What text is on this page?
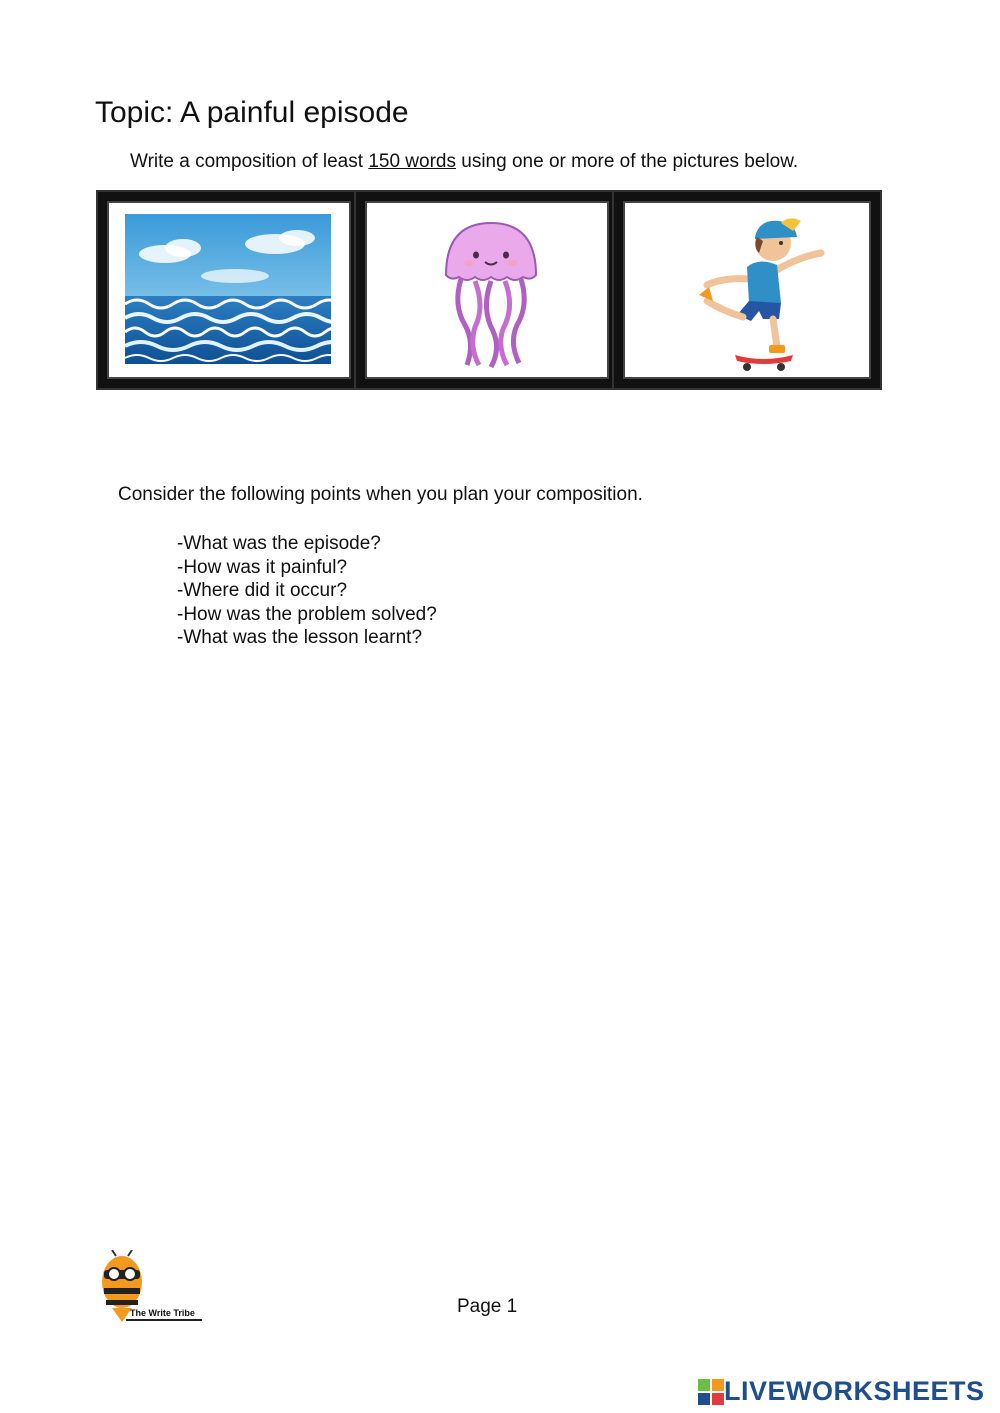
Topic: A painful episode
Write a composition of least 150 words using one or more of the pictures below.
Consider the following points when you plan your composition.
-What was the episode?
-How was it painful?
-Where did it occur?
-How was the problem solved?
-What was the lesson learnt?
The Write Tribe	Page 1
LIVEWORKSHEETS
